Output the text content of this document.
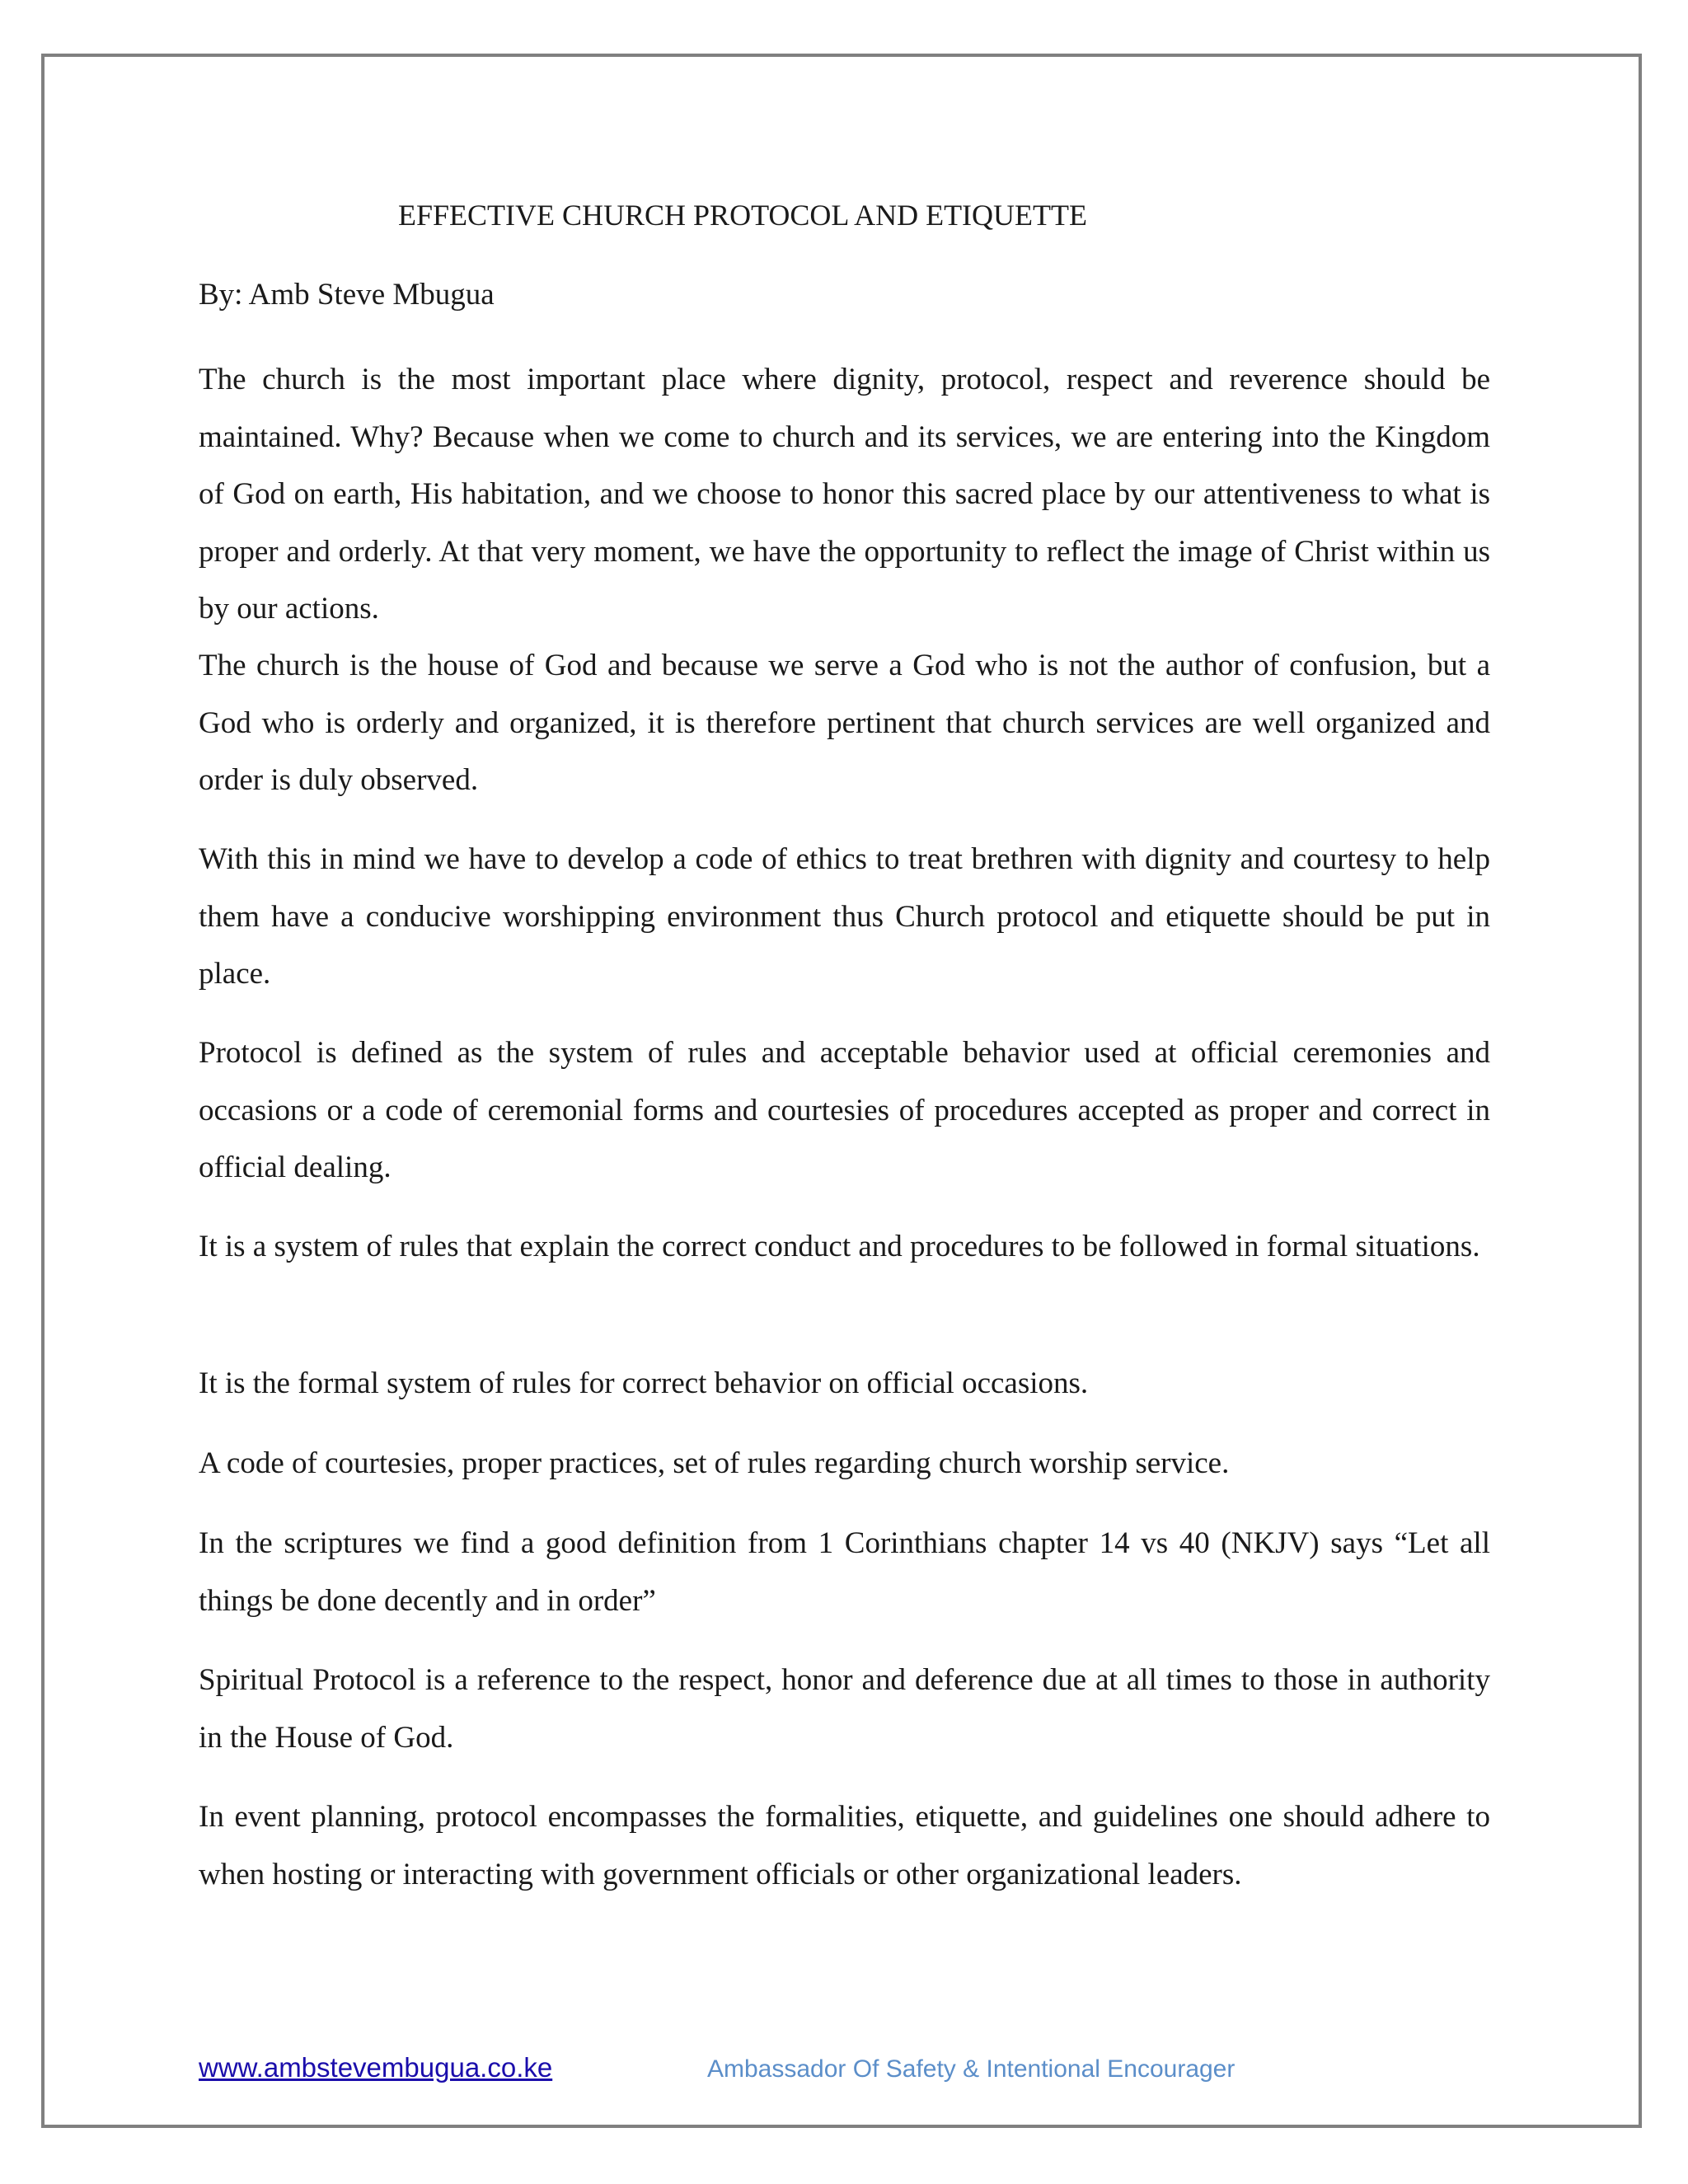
EFFECTIVE CHURCH PROTOCOL AND ETIQUETTE
By: Amb Steve Mbugua

The church is the most important place where dignity, protocol, respect and reverence should be maintained. Why? Because when we come to church and its services, we are entering into the Kingdom of God on earth, His habitation, and we choose to honor this sacred place by our attentiveness to what is proper and orderly. At that very moment, we have the opportunity to reflect the image of Christ within us by our actions.

The church is the house of God and because we serve a God who is not the author of confusion, but a God who is orderly and organized, it is therefore pertinent that church services are well organized and order is duly observed.

With this in mind we have to develop a code of ethics to treat brethren with dignity and courtesy to help them have a conducive worshipping environment thus Church protocol and etiquette should be put in place.

Protocol is defined as the system of rules and acceptable behavior used at official ceremonies and occasions or a code of ceremonial forms and courtesies of procedures accepted as proper and correct in official dealing.

It is a system of rules that explain the correct conduct and procedures to be followed in formal situations.

It is the formal system of rules for correct behavior on official occasions.

A code of courtesies, proper practices, set of rules regarding church worship service.

In the scriptures we find a good definition from 1 Corinthians chapter 14 vs 40 (NKJV) says “Let all things be done decently and in order”

Spiritual Protocol is a reference to the respect, honor and deference due at all times to those in authority in the House of God.

In event planning, protocol encompasses the formalities, etiquette, and guidelines one should adhere to when hosting or interacting with government officials or other organizational leaders.

www.ambstevembugua.co.ke	Ambassador Of Safety & Intentional Encourager
